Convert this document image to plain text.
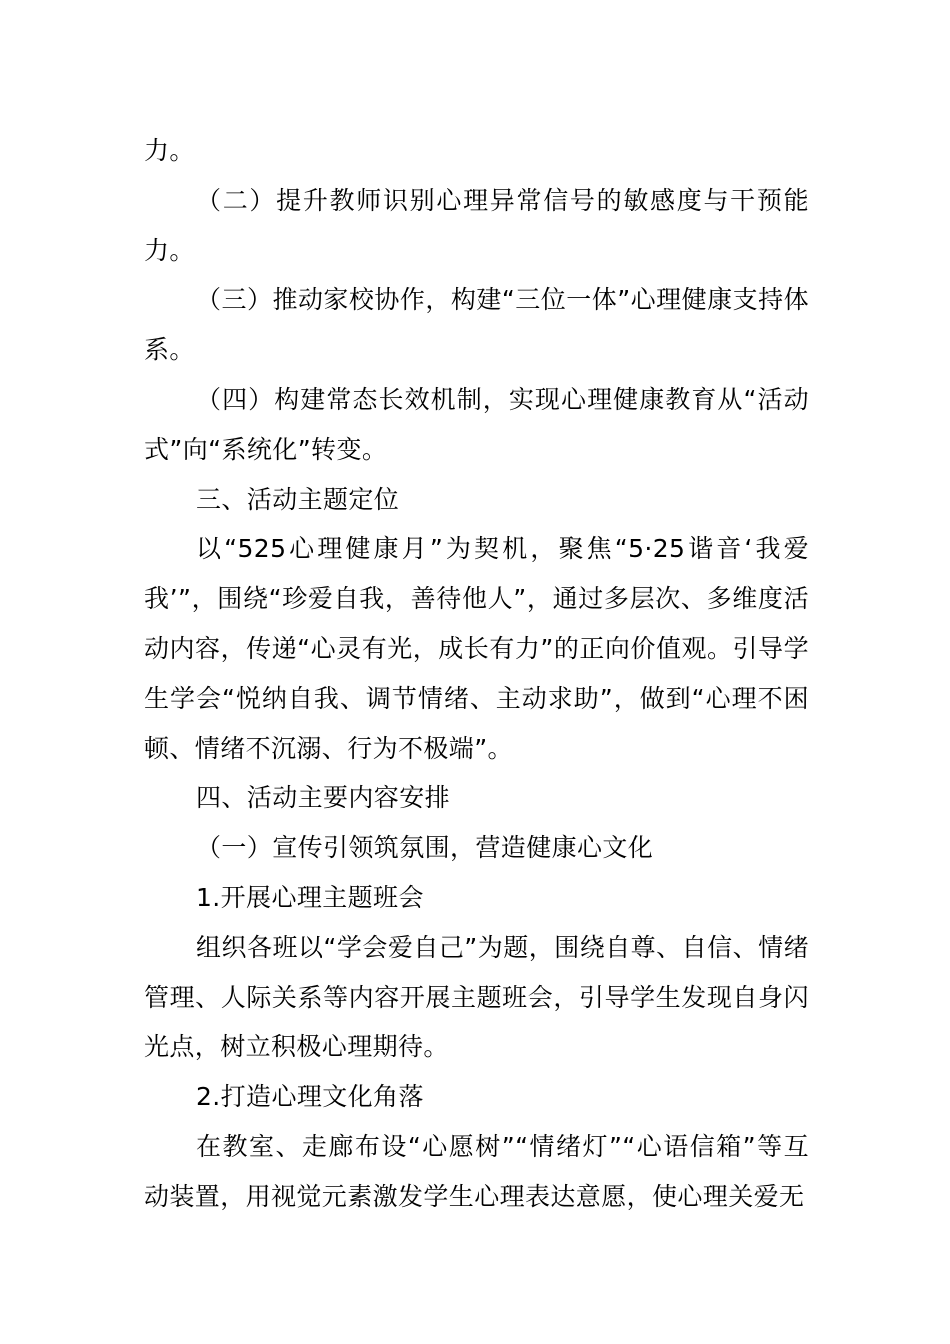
力。

（二）提升教师识别心理异常信号的敏感度与干预能力。

（三）推动家校协作，构建“三位一体”心理健康支持体系。

（四）构建常态长效机制，实现心理健康教育从“活动式”向“系统化”转变。

三、活动主题定位

以“525心理健康月”为契机，聚焦“5·25谐音‘我爱我’”，围绕“珍爱自我，善待他人”，通过多层次、多维度活动内容，传递“心灵有光，成长有力”的正向价值观。引导学生学会“悦纳自我、调节情绪、主动求助”，做到“心理不困顿、情绪不沉溺、行为不极端”。

四、活动主要内容安排

（一）宣传引领筑氛围，营造健康心文化

1.开展心理主题班会

组织各班以“学会爱自己”为题，围绕自尊、自信、情绪管理、人际关系等内容开展主题班会，引导学生发现自身闪光点，树立积极心理期待。

2.打造心理文化角落

在教室、走廊布设“心愿树”“情绪灯”“心语信箱”等互动装置，用视觉元素激发学生心理表达意愿，使心理关爱无
